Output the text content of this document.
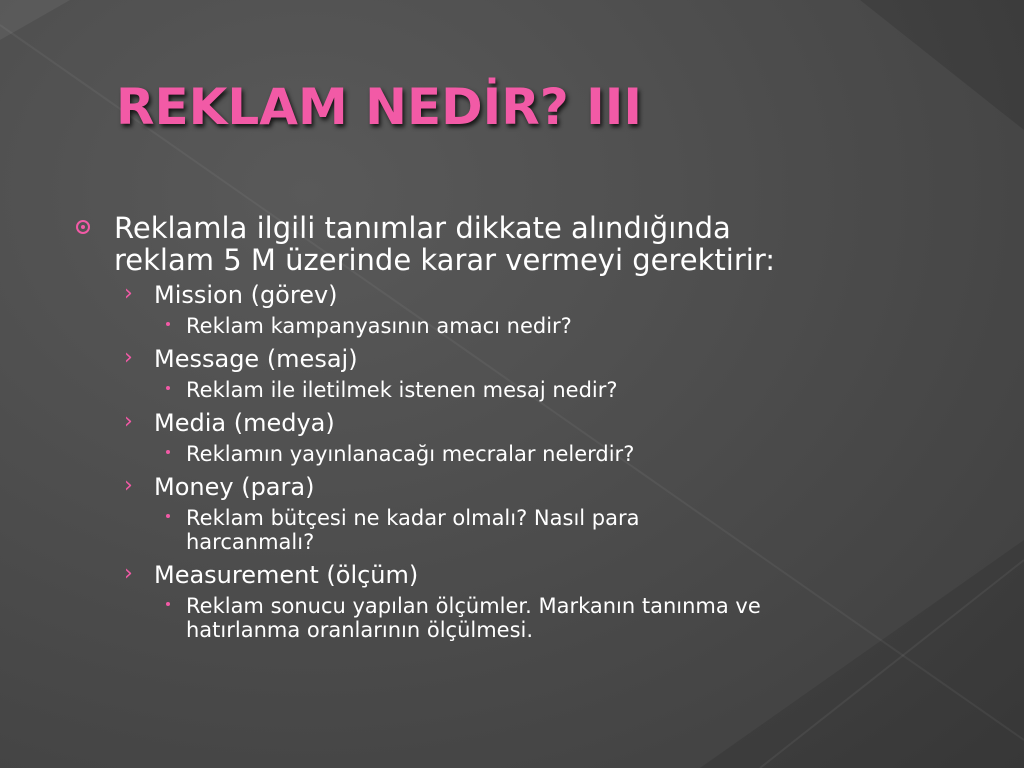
REKLAM NEDİR? III
Reklamla ilgili tanımlar dikkate alındığında
reklam 5 M üzerinde karar vermeyi gerektirir:
› Mission (görev)
Reklam kampanyasının amacı nedir?
› Message (mesaj)
Reklam ile iletilmek istenen mesaj nedir?
› Media (medya)
Reklamın yayınlanacağı mecralar nelerdir?
› Money (para)
Reklam bütçesi ne kadar olmalı? Nasıl para
harcanmalı?
› Measurement (ölçüm)
Reklam sonucu yapılan ölçümler. Markanın tanınma ve
hatırlanma oranlarının ölçülmesi.
